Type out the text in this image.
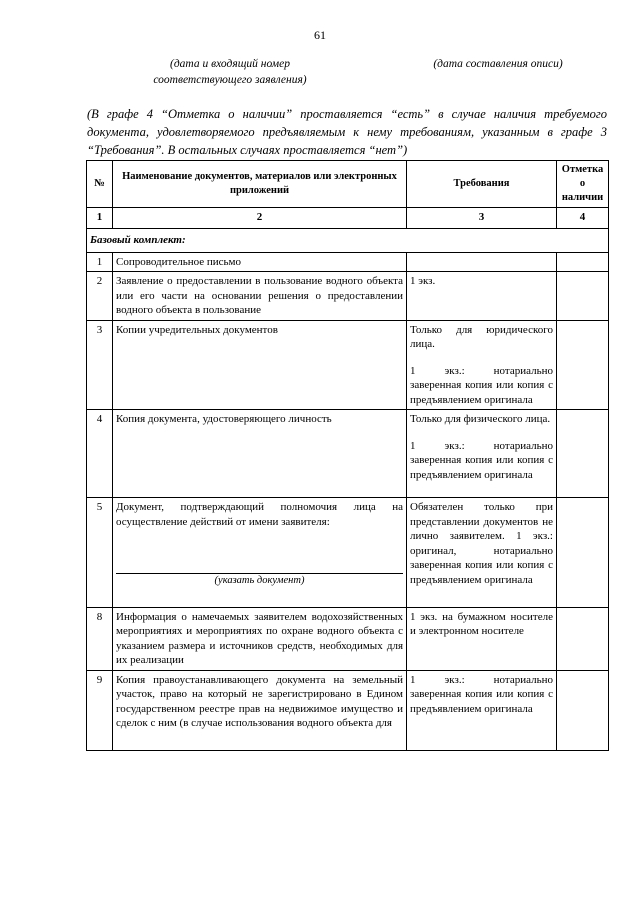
61
(дата и входящий номер соответствующего заявления)
(дата составления описи)
(В графе 4 “Отметка о наличии” проставляется “есть” в случае наличия требуемого документа, удовлетворяемого предъявляемым к нему требованиям, указанным в графе 3 “Требования”. В остальных случаях проставляется “нет”)
№	Наименование документов, материалов или электронных приложений	Требования	Отметка о наличии
1	2	3	4
Базовый комплект:			
1	Сопроводительное письмо		

2	Заявление о предоставлении в пользование водного объекта или его части на основании решения о предоставлении водного объекта в пользование	1 экз.	

3	Копии учредительных документов	Только для юридического лица.

1 экз.: нотариально заверенная копия или копия с предъявлением оригинала	

4	Копия документа, удостоверяющего личность	Только для физического лица.

1 экз.: нотариально заверенная копия или копия с предъявлением оригинала	

5	Документ, подтверждающий полномочия лица на осуществление действий от имени заявителя:
(указать документ)	Обязателен только при представлении документов не лично заявителем. 1 экз.: оригинал, нотариально заверенная копия или копия с предъявлением оригинала	

8	Информация о намечаемых заявителем водохозяйственных мероприятиях и мероприятиях по охране водного объекта с указанием размера и источников средств, необходимых для их реализации	1 экз. на бумажном носителе и электронном носителе	

9	Копия правоустанавливающего документа на земельный участок, право на который не зарегистрировано в Едином государственном реестре прав на недвижимое имущество и сделок с ним (в случае использования водного объекта для	1 экз.: нотариально заверенная копия или копия с предъявлением оригинала	
